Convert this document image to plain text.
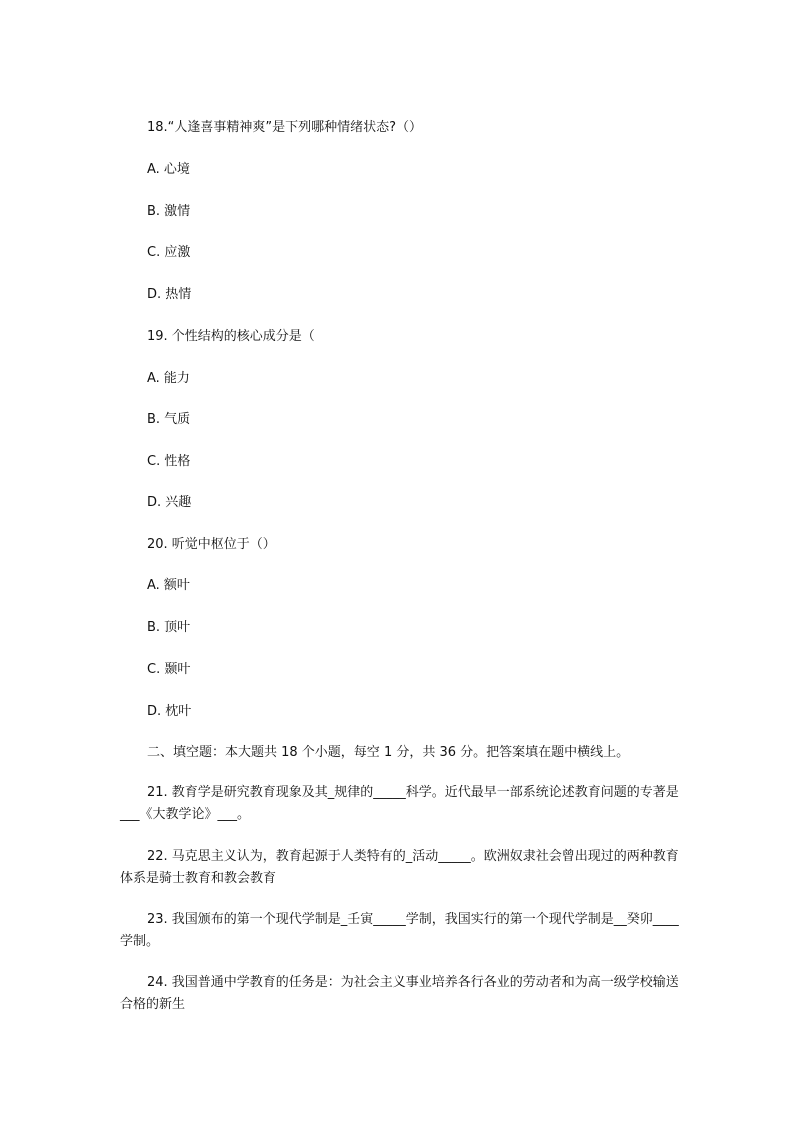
18.“人逢喜事精神爽”是下列哪种情绪状态?（）
A. 心境
B. 激情
C. 应激
D. 热情
19. 个性结构的核心成分是（
A. 能力
B. 气质
C. 性格
D. 兴趣
20. 听觉中枢位于（）
A. 额叶
B. 顶叶
C. 颞叶
D. 枕叶
二、填空题：本大题共 18 个小题，每空 1 分，共 36 分。把答案填在题中横线上。
21. 教育学是研究教育现象及其_规律的_____科学。近代最早一部系统论述教育问题的专著是___《大教学论》___。
22. 马克思主义认为，教育起源于人类特有的_活动_____。欧洲奴隶社会曾出现过的两种教育体系是骑士教育和教会教育
23. 我国颁布的第一个现代学制是_壬寅_____学制，我国实行的第一个现代学制是__癸卯____学制。
24. 我国普通中学教育的任务是：为社会主义事业培养各行各业的劳动者和为高一级学校输送合格的新生
